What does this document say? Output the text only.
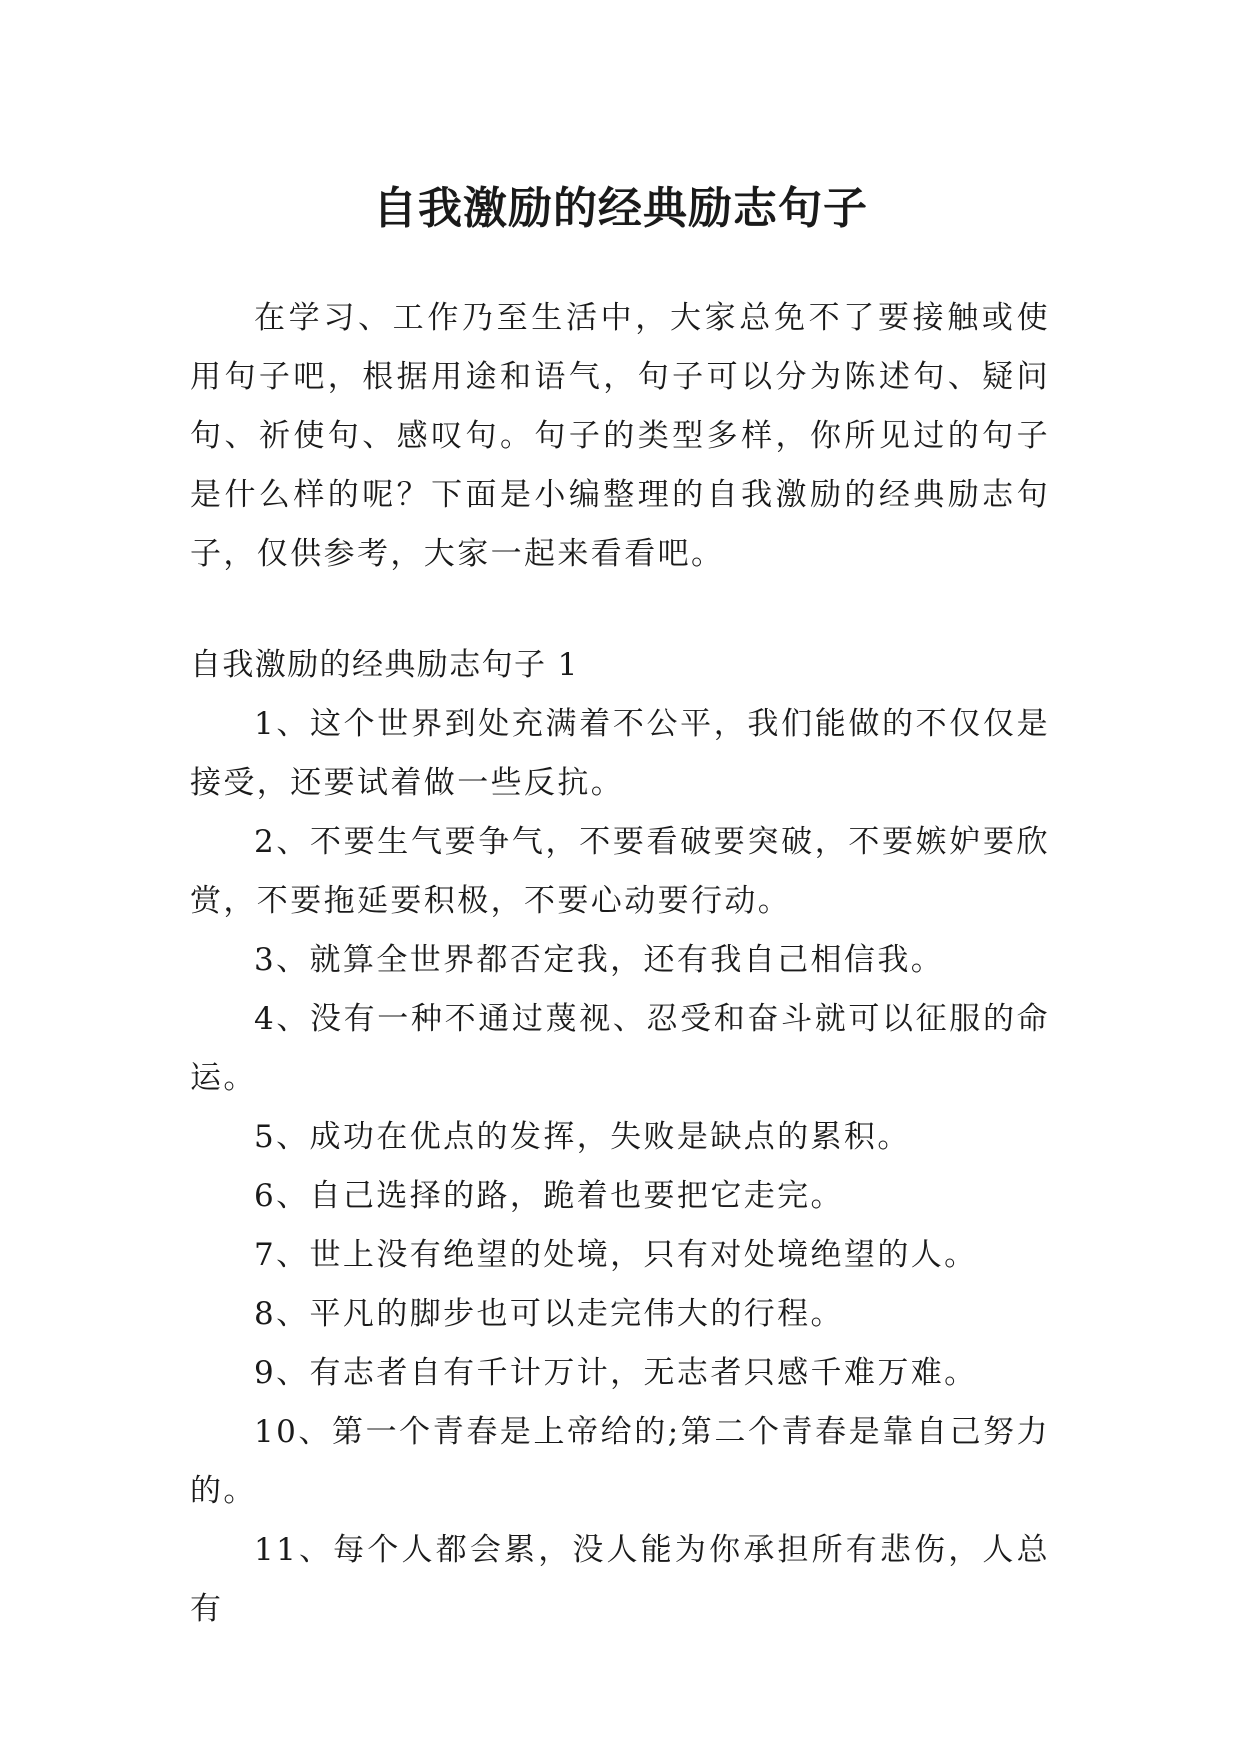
自我激励的经典励志句子
在学习、工作乃至生活中，大家总免不了要接触或使用句子吧，根据用途和语气，句子可以分为陈述句、疑问句、祈使句、感叹句。句子的类型多样，你所见过的句子是什么样的呢？下面是小编整理的自我激励的经典励志句子，仅供参考，大家一起来看看吧。
自我激励的经典励志句子 1

1、这个世界到处充满着不公平，我们能做的不仅仅是接受，还要试着做一些反抗。

2、不要生气要争气，不要看破要突破，不要嫉妒要欣赏，不要拖延要积极，不要心动要行动。

3、就算全世界都否定我，还有我自己相信我。

4、没有一种不通过蔑视、忍受和奋斗就可以征服的命运。

5、成功在优点的发挥，失败是缺点的累积。

6、自己选择的路，跪着也要把它走完。

7、世上没有绝望的处境，只有对处境绝望的人。

8、平凡的脚步也可以走完伟大的行程。

9、有志者自有千计万计，无志者只感千难万难。

10、第一个青春是上帝给的;第二个青春是靠自己努力的。

11、每个人都会累，没人能为你承担所有悲伤，人总有
